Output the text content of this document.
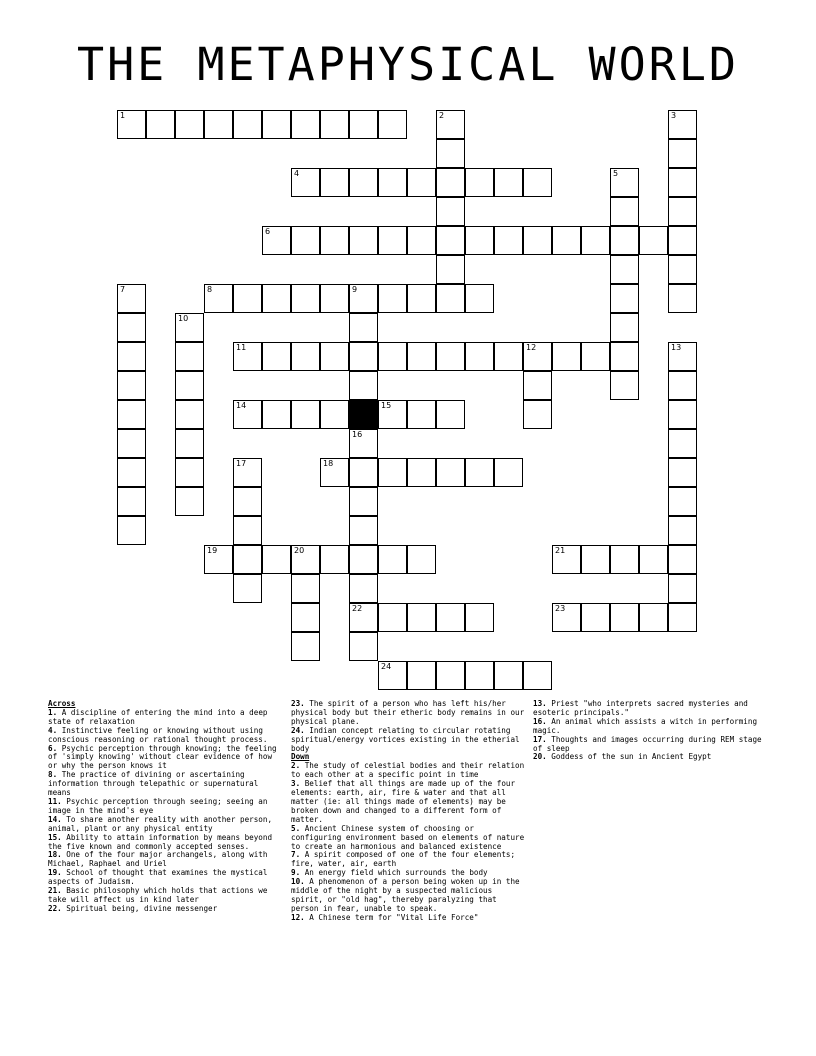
THE METAPHYSICAL WORLD
1
4
6
8	9
11	12
14	15
18
19	20	21
22	23
24
2	3
5
7
10
13
16
17
Across
1. A discipline of entering the mind into a deep state of relaxation
4. Instinctive feeling or knowing without using conscious reasoning or rational thought process.
6. Psychic perception through knowing; the feeling of 'simply knowing' without clear evidence of how or why the person knows it
8. The practice of divining or ascertaining information through telepathic or supernatural means
11. Psychic perception through seeing; seeing an image in the mind's eye
14. To share another reality with another person, animal, plant or any physical entity
15. Ability to attain information by means beyond the five known and commonly accepted senses.
18. One of the four major archangels, along with Michael, Raphael and Uriel
19. School of thought that examines the mystical aspects of Judaism.
21. Basic philosophy which holds that actions we take will affect us in kind later
22. Spiritual being, divine messenger
23. The spirit of a person who has left his/her physical body but their etheric body remains in our physical plane.
24. Indian concept relating to circular rotating spiritual/energy vortices existing in the etherial body
Down
2. The study of celestial bodies and their relation to each other at a specific point in time
3. Belief that all things are made up of the four elements: earth, air, fire & water and that all matter (ie: all things made of elements) may be broken down and changed to a different form of matter.
5. Ancient Chinese system of choosing or configuring environment based on elements of nature to create an harmonious and balanced existence
7. A spirit composed of one of the four elements; fire, water, air, earth
9. An energy field which surrounds the body
10. A phenomenon of a person being woken up in the middle of the night by a suspected malicious spirit, or "old hag", thereby paralyzing that person in fear, unable to speak.
12. A Chinese term for "Vital Life Force"
13. Priest "who interprets sacred mysteries and esoteric principals."
16. An animal which assists a witch in performing magic.
17. Thoughts and images occurring during REM stage of sleep
20. Goddess of the sun in Ancient Egypt
